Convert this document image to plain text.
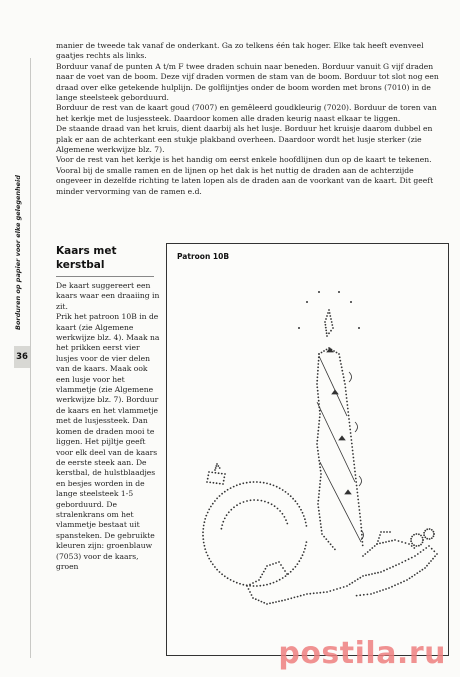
Borduren op papier voor elke gelegenheid
36

manier de tweede tak vanaf de onderkant. Ga zo telkens één tak hoger. Elke tak heeft evenveel gaatjes rechts als links.

Borduur vanaf de punten A t/m F twee draden schuin naar beneden. Borduur vanuit G vijf draden naar de voet van de boom. Deze vijf draden vormen de stam van de boom. Borduur tot slot nog een draad over elke getekende hulplijn. De golflijntjes onder de boom worden met brons (7010) in de lange steelsteek geborduurd.

Borduur de rest van de kaart goud (7007) en gemêleerd goudkleurig (7020). Borduur de toren van het kerkje met de lusjessteek. Daardoor komen alle draden keurig naast elkaar te liggen.

De staande draad van het kruis, dient daarbij als het lusje. Borduur het kruisje daarom dubbel en plak er aan de achterkant een stukje plakband overheen. Daardoor wordt het lusje sterker (zie Algemene werkwijze blz. 7).

Voor de rest van het kerkje is het handig om eerst enkele hoofdlijnen dun op de kaart te tekenen. Vooral bij de smalle ramen en de lijnen op het dak is het nuttig de draden aan de achterzijde ongeveer in dezelfde richting te laten lopen als de draden aan de voorkant van de kaart. Dit geeft minder vervorming van de ramen e.d.

Kaars met kerstbal

De kaart suggereert een kaars waar een draaiing in zit.

Prik het patroon 10B in de kaart (zie Algemene werkwijze blz. 4). Maak na het prikken eerst vier lusjes voor de vier delen van de kaars. Maak ook een lusje voor het vlammetje (zie Algemene werkwijze blz. 7). Borduur de kaars en het vlammetje met de lusjessteek. Dan komen de draden mooi te liggen. Het pijltje geeft voor elk deel van de kaars de eerste steek aan. De kerstbal, de hulstblaadjes en besjes worden in de lange steelsteek 1-5 geborduurd. De stralenkrans om het vlammetje bestaat uit spansteken. De gebruikte kleuren zijn: groenblauw (7053) voor de kaars, groen

Patroon 10B
postila.ru
